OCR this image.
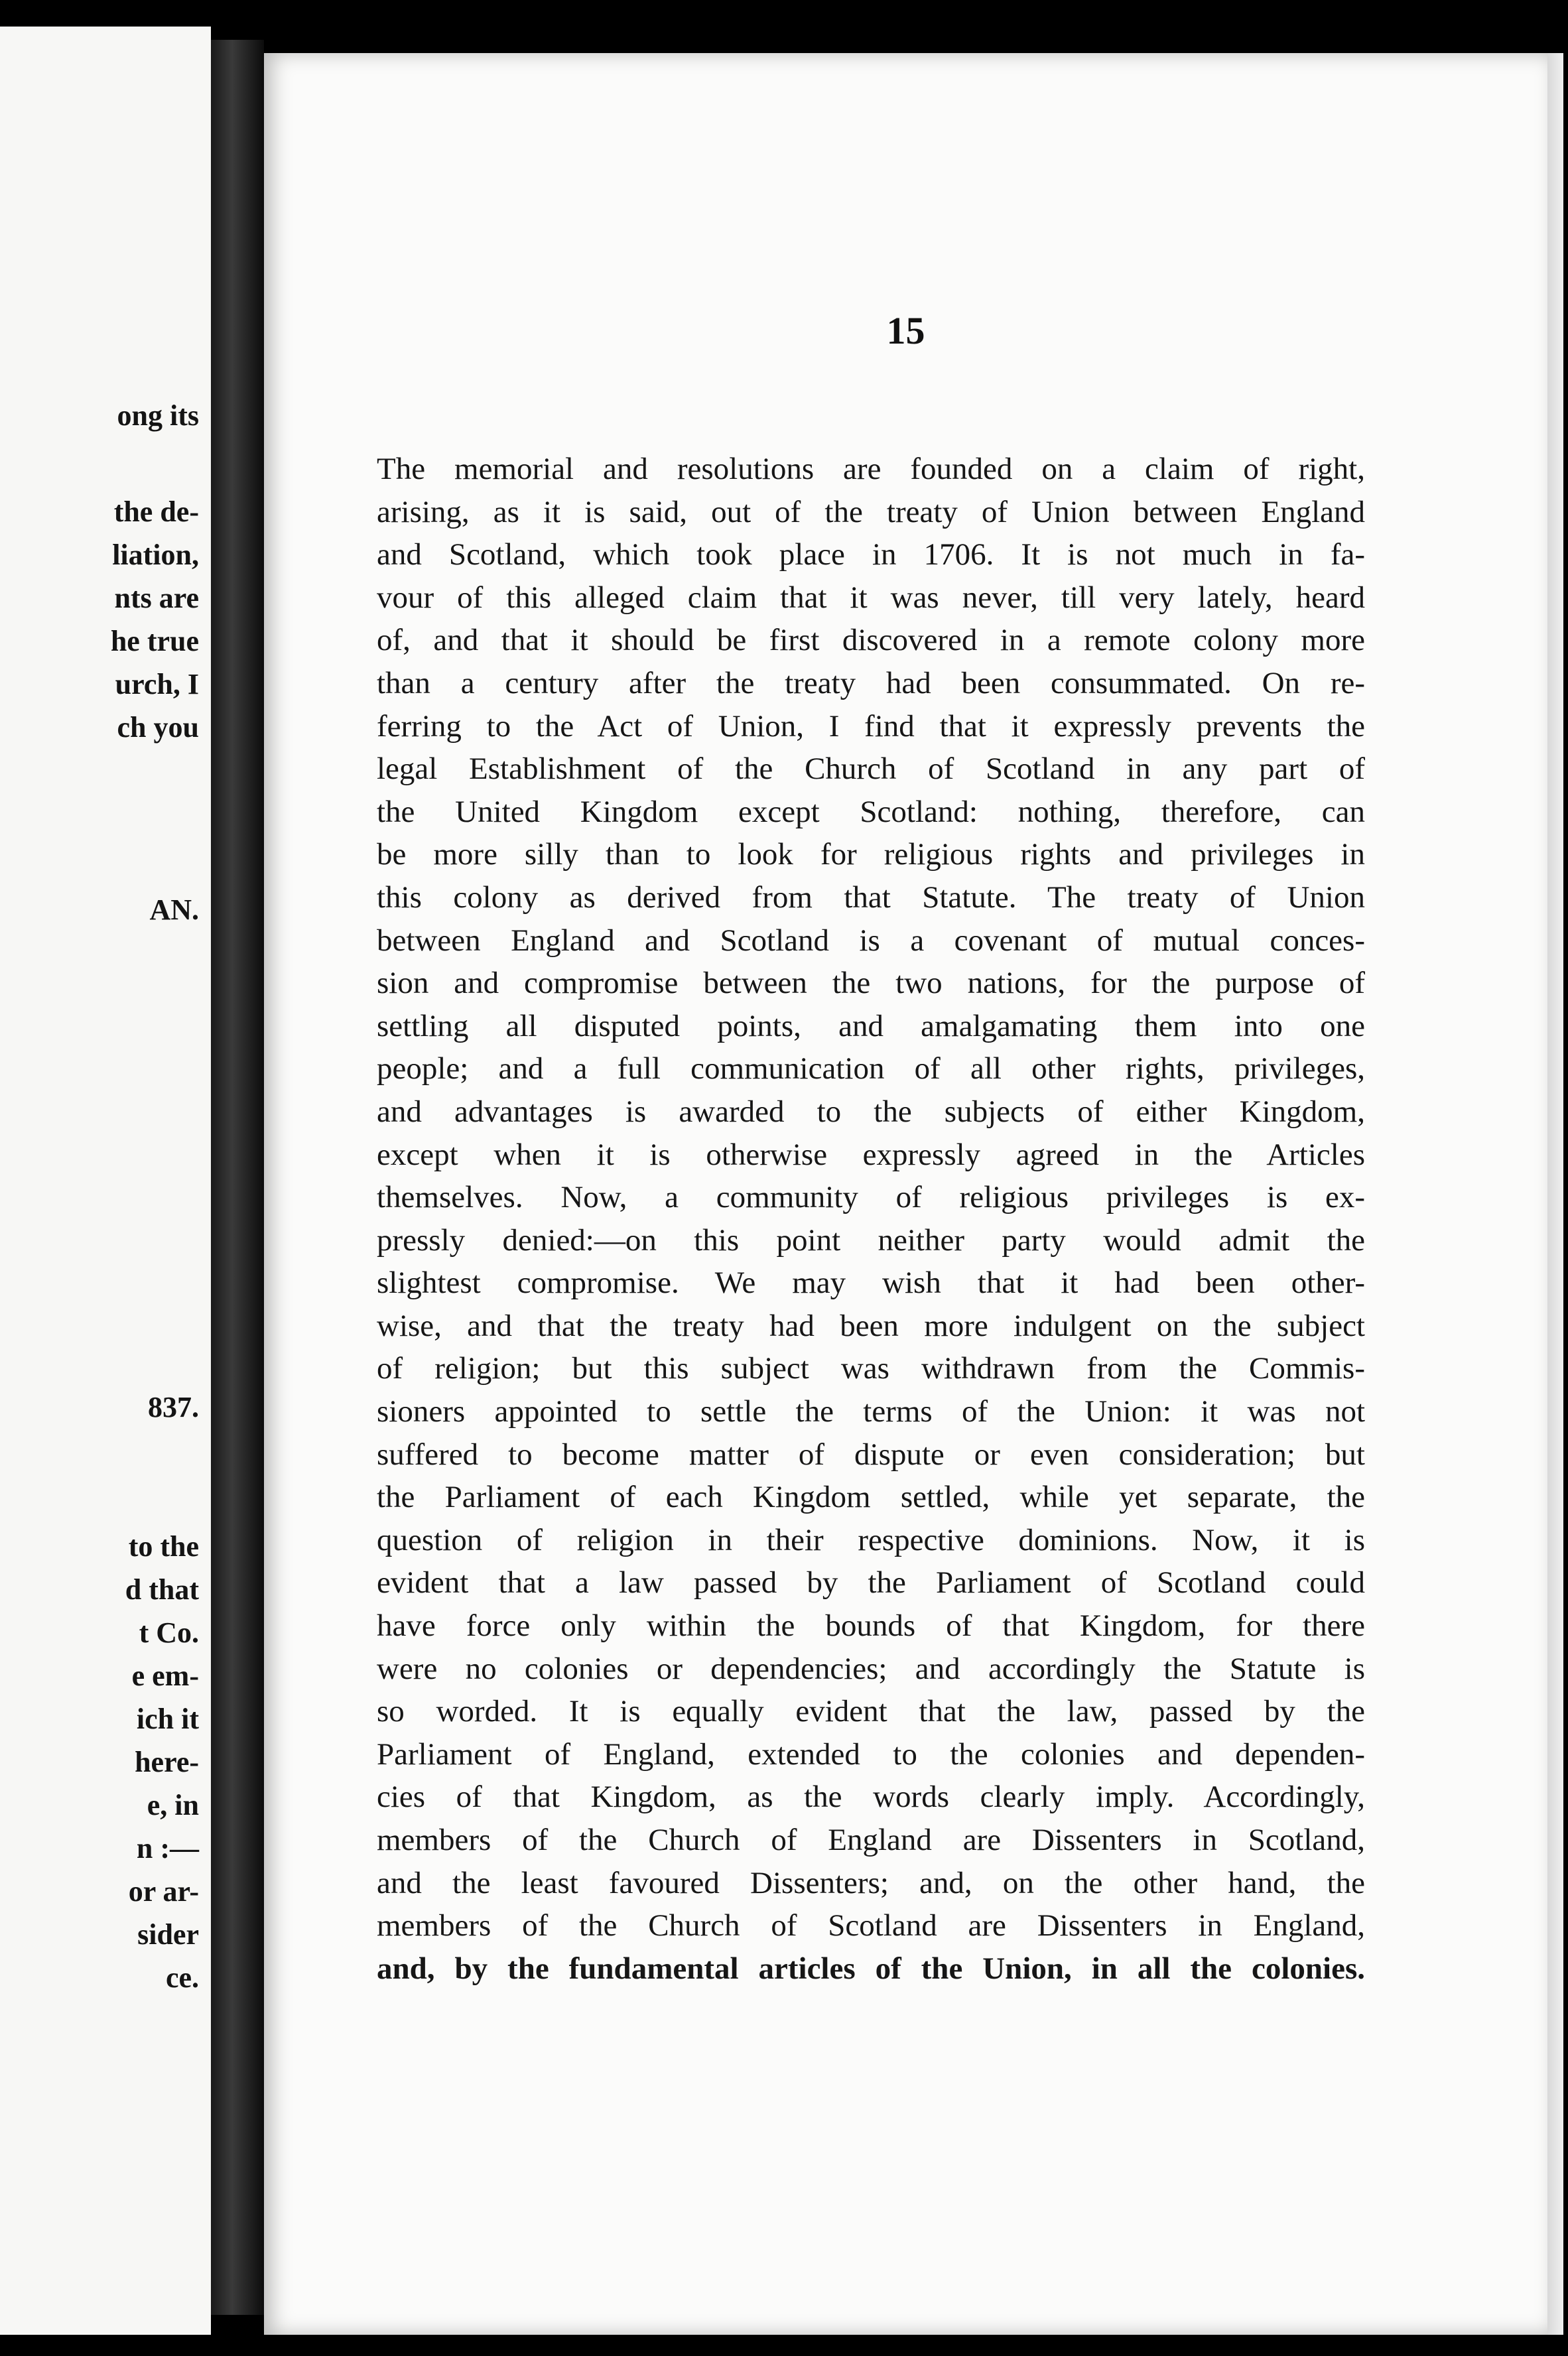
ong its
the de-
liation,
nts are
he true
urch, I
ch you
AN.
837.
to the
d that
t Co.
e em-
ich it
here-
e, in
n :—
or ar-
sider
ce.
15
The memorial and resolutions are founded on a claim of right,
arising, as it is said, out of the treaty of Union between England
and Scotland, which took place in 1706. It is not much in fa-
vour of this alleged claim that it was never, till very lately, heard
of, and that it should be first discovered in a remote colony more
than a century after the treaty had been consummated. On re-
ferring to the Act of Union, I find that it expressly prevents the
legal Establishment of the Church of Scotland in any part of
the United Kingdom except Scotland: nothing, therefore, can
be more silly than to look for religious rights and privileges in
this colony as derived from that Statute. The treaty of Union
between England and Scotland is a covenant of mutual conces-
sion and compromise between the two nations, for the purpose of
settling all disputed points, and amalgamating them into one
people; and a full communication of all other rights, privileges,
and advantages is awarded to the subjects of either Kingdom,
except when it is otherwise expressly agreed in the Articles
themselves. Now, a community of religious privileges is ex-
pressly denied:—on this point neither party would admit the
slightest compromise. We may wish that it had been other-
wise, and that the treaty had been more indulgent on the subject
of religion; but this subject was withdrawn from the Commis-
sioners appointed to settle the terms of the Union: it was not
suffered to become matter of dispute or even consideration; but
the Parliament of each Kingdom settled, while yet separate, the
question of religion in their respective dominions. Now, it is
evident that a law passed by the Parliament of Scotland could
have force only within the bounds of that Kingdom, for there
were no colonies or dependencies; and accordingly the Statute is
so worded. It is equally evident that the law, passed by the
Parliament of England, extended to the colonies and dependen-
cies of that Kingdom, as the words clearly imply. Accordingly,
members of the Church of England are Dissenters in Scotland,
and the least favoured Dissenters; and, on the other hand, the
members of the Church of Scotland are Dissenters in England,
and, by the fundamental articles of the Union, in all the colonies.
